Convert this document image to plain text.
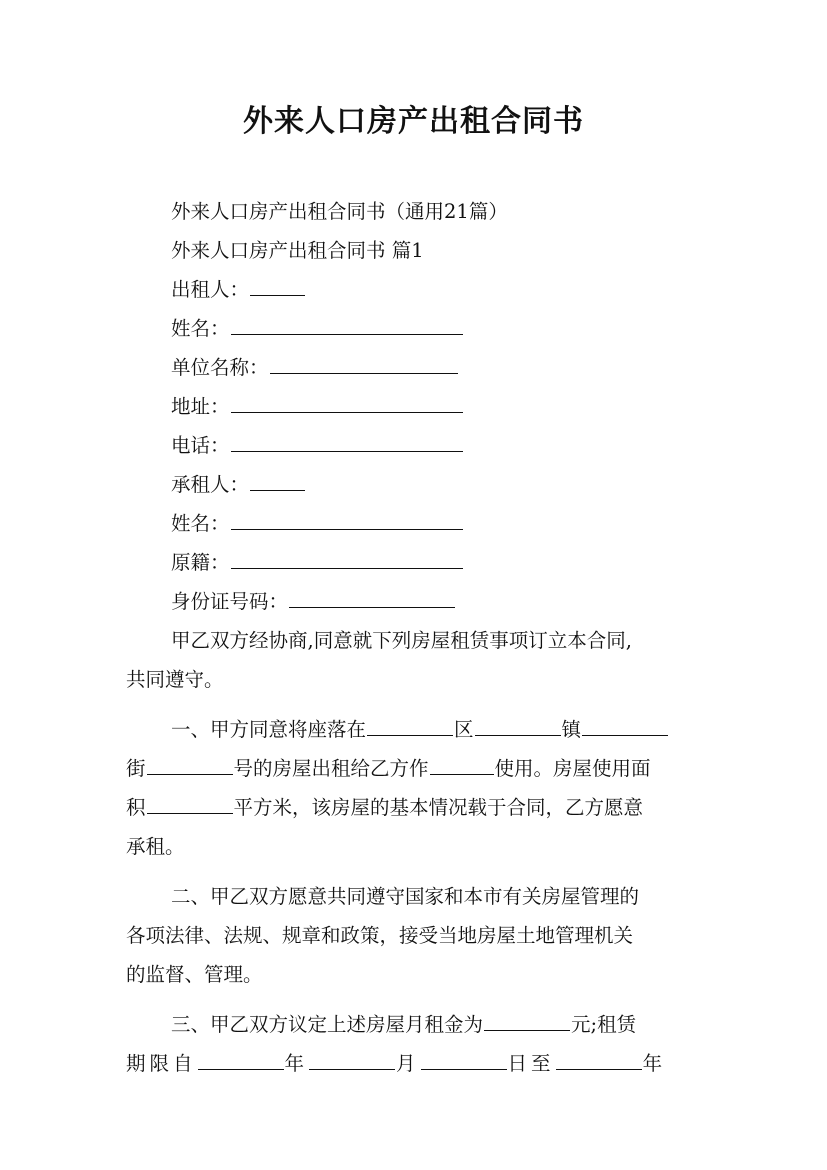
外来人口房产出租合同书
外来人口房产出租合同书（通用21篇）
外来人口房产出租合同书 篇1
出租人：
姓名：
单位名称：
地址：
电话：
承租人：
姓名：
原籍：
身份证号码：
甲乙双方经协商,同意就下列房屋租赁事项订立本合同,
共同遵守。
一、甲方同意将座落在	区	镇
街	号的房屋出租给乙方作	使用。房屋使用面
积	平方米，该房屋的基本情况载于合同，乙方愿意
承租。
二、甲乙双方愿意共同遵守国家和本市有关房屋管理的
各项法律、法规、规章和政策，接受当地房屋土地管理机关
的监督、管理。
三、甲乙双方议定上述房屋月租金为	元;租赁
期限自	年	月	日至	年
